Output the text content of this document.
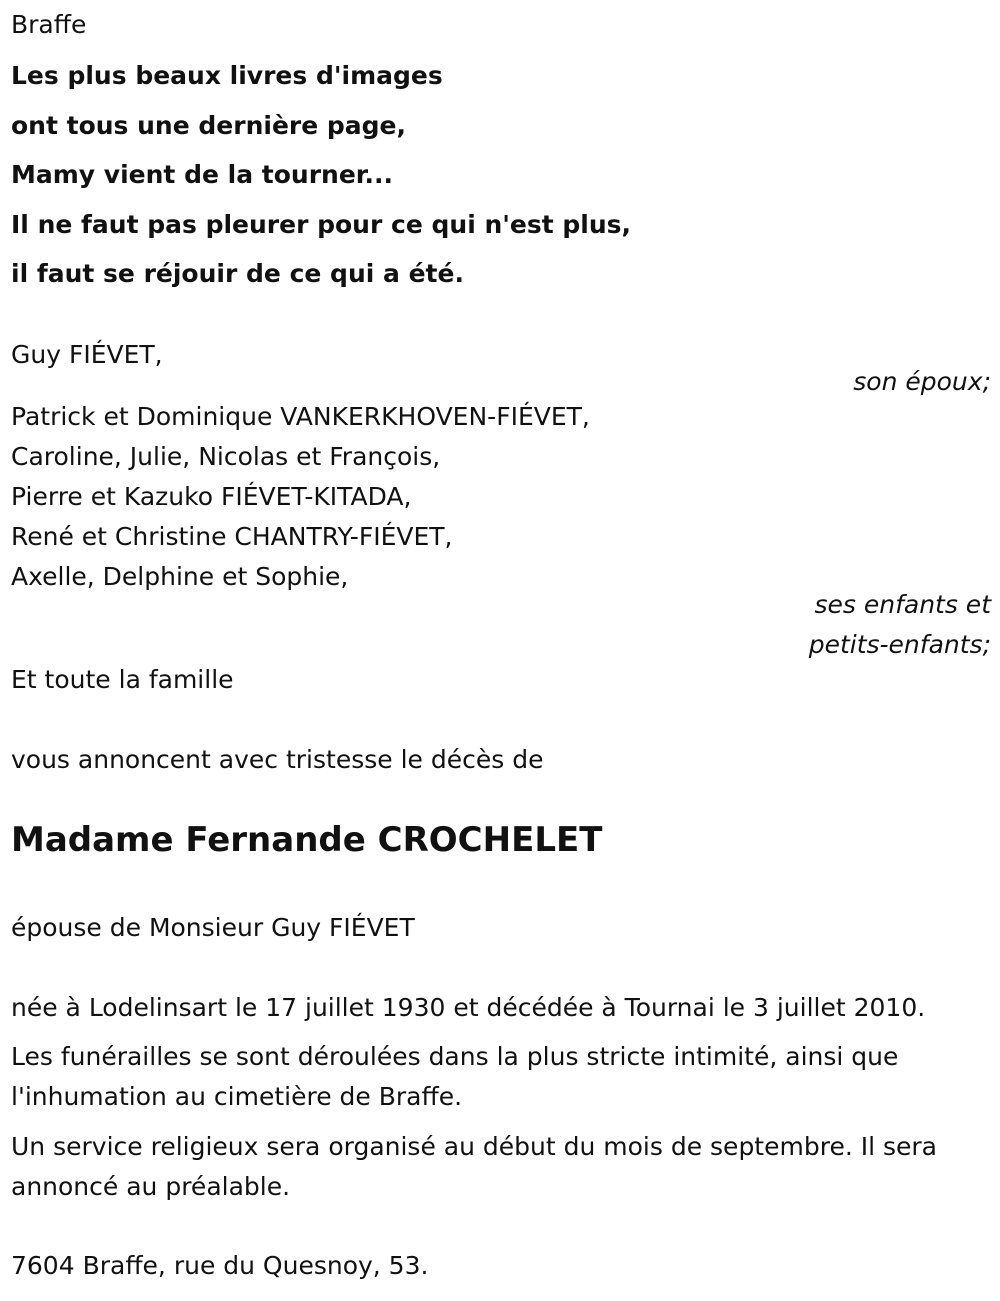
Braffe
Les plus beaux livres d'images
ont tous une dernière page,
Mamy vient de la tourner...
Il ne faut pas pleurer pour ce qui n'est plus,
il faut se réjouir de ce qui a été.
Guy FIÉVET,
son époux;
Patrick et Dominique VANKERKHOVEN-FIÉVET,
Caroline, Julie, Nicolas et François,
Pierre et Kazuko FIÉVET-KITADA,
René et Christine CHANTRY-FIÉVET,
Axelle, Delphine et Sophie,
ses enfants et
petits-enfants;
Et toute la famille
vous annoncent avec tristesse le décès de
Madame Fernande CROCHELET
épouse de Monsieur Guy FIÉVET
née à Lodelinsart le 17 juillet 1930 et décédée à Tournai le 3 juillet 2010.
Les funérailles se sont déroulées dans la plus stricte intimité, ainsi que l'inhumation au cimetière de Braffe.
Un service religieux sera organisé au début du mois de septembre. Il sera annoncé au préalable.
7604 Braffe, rue du Quesnoy, 53.
